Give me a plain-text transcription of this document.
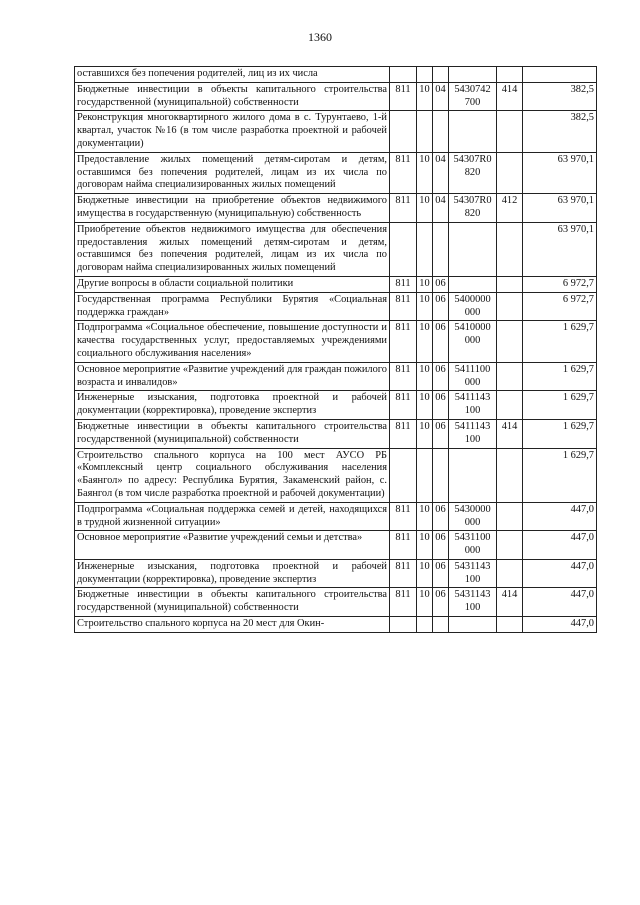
1360
оставшихся без попечения родителей, лиц из их числа						
Бюджетные инвестиции в объекты капитального строительства государственной (муниципальной) собственности	811	10	04	5430742 700	414	382,5
Реконструкция многоквартирного жилого дома в с. Турунтаево, 1-й квартал, участок №16 (в том числе разработка проектной и рабочей документации)						382,5
Предоставление жилых помещений детям-сиротам и детям, оставшимся без попечения родителей, лицам из их числа по договорам найма специализированных жилых помещений	811	10	04	54307R0 820		63 970,1
Бюджетные инвестиции на приобретение объектов недвижимого имущества в государственную (муниципальную) собственность	811	10	04	54307R0 820	412	63 970,1
Приобретение объектов недвижимого имущества для обеспечения предоставления жилых помещений детям-сиротам и детям, оставшимся без попечения родителей, лицам из их числа по договорам найма специализированных жилых помещений						63 970,1
Другие вопросы в области социальной политики	811	10	06			6 972,7
Государственная программа Республики Бурятия «Социальная поддержка граждан»	811	10	06	5400000 000		6 972,7
Подпрограмма «Социальное обеспечение, повышение доступности и качества государственных услуг, предоставляемых учреждениями социального обслуживания населения»	811	10	06	5410000 000		1 629,7
Основное мероприятие «Развитие учреждений для граждан пожилого возраста и инвалидов»	811	10	06	5411100 000		1 629,7
Инженерные изыскания, подготовка проектной и рабочей документации (корректировка), проведение экспертиз	811	10	06	5411143 100		1 629,7
Бюджетные инвестиции в объекты капитального строительства государственной (муниципальной) собственности	811	10	06	5411143 100	414	1 629,7
Строительство спального корпуса на 100 мест АУСО РБ «Комплексный центр социального обслуживания населения «Баянгол» по адресу: Республика Бурятия, Закаменский район, с. Баянгол (в том числе разработка проектной и рабочей документации)						1 629,7
Подпрограмма «Социальная поддержка семей и детей, находящихся в трудной жизненной ситуации»	811	10	06	5430000 000		447,0
Основное мероприятие «Развитие учреждений семьи и детства»	811	10	06	5431100 000		447,0
Инженерные изыскания, подготовка проектной и рабочей документации (корректировка), проведение экспертиз	811	10	06	5431143 100		447,0
Бюджетные инвестиции в объекты капитального строительства государственной (муниципальной) собственности	811	10	06	5431143 100	414	447,0
Строительство спального корпуса на 20 мест для Окин-						447,0
